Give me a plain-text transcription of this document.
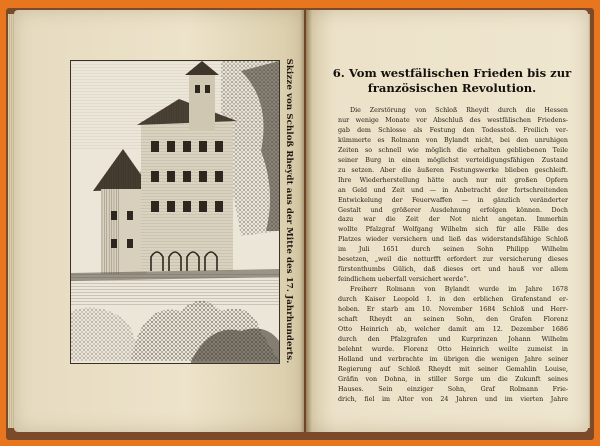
Skizze von Schloß Rheydt aus der Mitte des 17. Jahrhunderts.	6. Vom westfälischen Frieden bis zur
französischen Revolution.
Die Zerstörung von Schloß Rheydt durch die Hessen
nur wenige Monate vor Abschluß des westfälischen Friedens-
gab dem Schlosse als Festung den Todesstoß. Freilich ver-
kümmerte es Rolmann von Bylandt nicht, bei den unruhigen
Zeiten so schnell wie möglich die erhalten gebliebenen Teile
seiner Burg in einen möglichst verteidigungsfähigen Zustand
zu setzen. Aber die äußeren Festungswerke blieben geschleift.
Ihre Wiederherstellung hätte auch nur mit großen Opfern
an Geld und Zeit und — in Anbetracht der fortschreitenden
Entwickelung der Feuerwaffen — in gänzlich veränderter
Gestalt und größerer Ausdehnung erfolgen können. Doch
dazu war die Zeit der Not nicht angetan. Immerhin
wollte Pfalzgraf Wolfgang Wilhelm sich für alle Fälle des
Platzes wieder versichern und ließ das widerstandsfähige Schloß
im Juli 1651 durch seinen Sohn Philipp Wilhelm
besetzen, „weil die notturfft erfordert zur versicherung dieses
fürstenthumbs Gülich, daß dieses ort und hauß vor allem
feindlichem ueberfall versichert werde“.
Freiherr Rolmann von Bylandt wurde im Jahre 1678
durch Kaiser Leopold I. in den erblichen Grafenstand er-
hoben. Er starb am 10. November 1684 Schloß und Herr-
schaft Rheydt an seinen Sohn, den Grafen Florenz
Otto Heinrich ab, welcher damit am 12. Dezember 1686
durch den Pfalzgrafen und Kurprinzen Johann Wilhelm
belehnt wurde. Florenz Otto Heinrich weilte zumeist in
Holland und verbrachte im übrigen die wenigen Jahre seiner
Regierung auf Schloß Rheydt mit seiner Gemahlin Louise,
Gräfin von Dohna, in stiller Sorge um die Zukunft seines
Hauses. Sein einziger Sohn, Graf Rolmann Frie-
drich, fiel im Alter von 24 Jahren und im vierten Jahre
